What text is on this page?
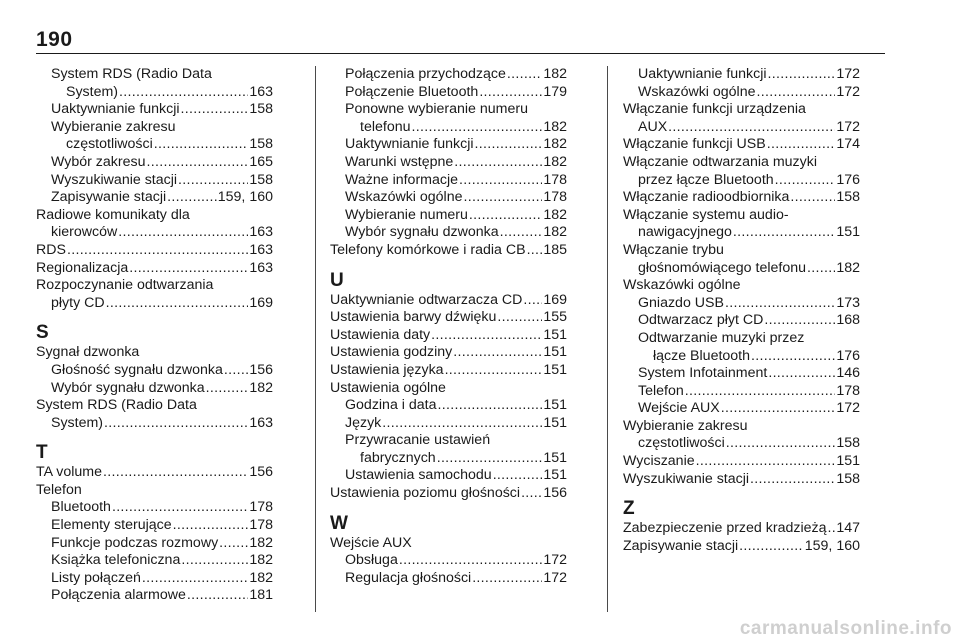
190
System RDS (Radio Data
System) .....	163
Uaktywnianie funkcji .....	158
Wybieranie zakresu
częstotliwości .....	158
Wybór zakresu .....	165
Wyszukiwanie stacji .....	158
Zapisywanie stacji .....	159, 160
Radiowe komunikaty dla
kierowców .....	163
RDS .....	163
Regionalizacja .....	163
Rozpoczynanie odtwarzania
płyty CD .....	169
S
Sygnał dzwonka
Głośność sygnału dzwonka ..... 156
Wybór sygnału dzwonka .....	182
System RDS (Radio Data
System) .....	163
T
TA volume .....	156
Telefon
Bluetooth .....	178
Elementy sterujące .....	178
Funkcje podczas rozmowy ..... 182
Książka telefoniczna .....	182
Listy połączeń .....	182
Połączenia alarmowe .....	181
Połączenia przychodzące .....	182
Połączenie Bluetooth .....	179
Ponowne wybieranie numeru
telefonu .....	182
Uaktywnianie funkcji .....	182
Warunki wstępne .....	182
Ważne informacje .....	178
Wskazówki ogólne .....	178
Wybieranie numeru .....	182
Wybór sygnału dzwonka .....	182
Telefony komórkowe i radia CB ..... 185
U
Uaktywnianie odtwarzacza CD ..... 169
Ustawienia barwy dźwięku .....	155
Ustawienia daty .....	151
Ustawienia godziny .....	151
Ustawienia języka .....	151
Ustawienia ogólne
Godzina i data .....	151
Język .....	151
Przywracanie ustawień
fabrycznych .....	151
Ustawienia samochodu .....	151
Ustawienia poziomu głośności ..... 156
W
Wejście AUX
Obsługa .....	172
Regulacja głośności .....	172
Uaktywnianie funkcji .....	172
Wskazówki ogólne .....	172
Włączanie funkcji urządzenia
AUX .....	172
Włączanie funkcji USB .....	174
Włączanie odtwarzania muzyki
przez łącze Bluetooth .....	176
Włączanie radioodbiornika .....	158
Włączanie systemu audio-
nawigacyjnego .....	151
Włączanie trybu
głośnomówiącego telefonu ..... 182
Wskazówki ogólne
Gniazdo USB .....	173
Odtwarzacz płyt CD .....	168
Odtwarzanie muzyki przez
łącze Bluetooth .....	176
System Infotainment .....	146
Telefon .....	178
Wejście AUX .....	172
Wybieranie zakresu
częstotliwości .....	158
Wyciszanie .....	151
Wyszukiwanie stacji .....	158
Z
Zabezpieczenie przed kradzieżą ..... 147
Zapisywanie stacji .....	159, 160
carmanualsonline.info
